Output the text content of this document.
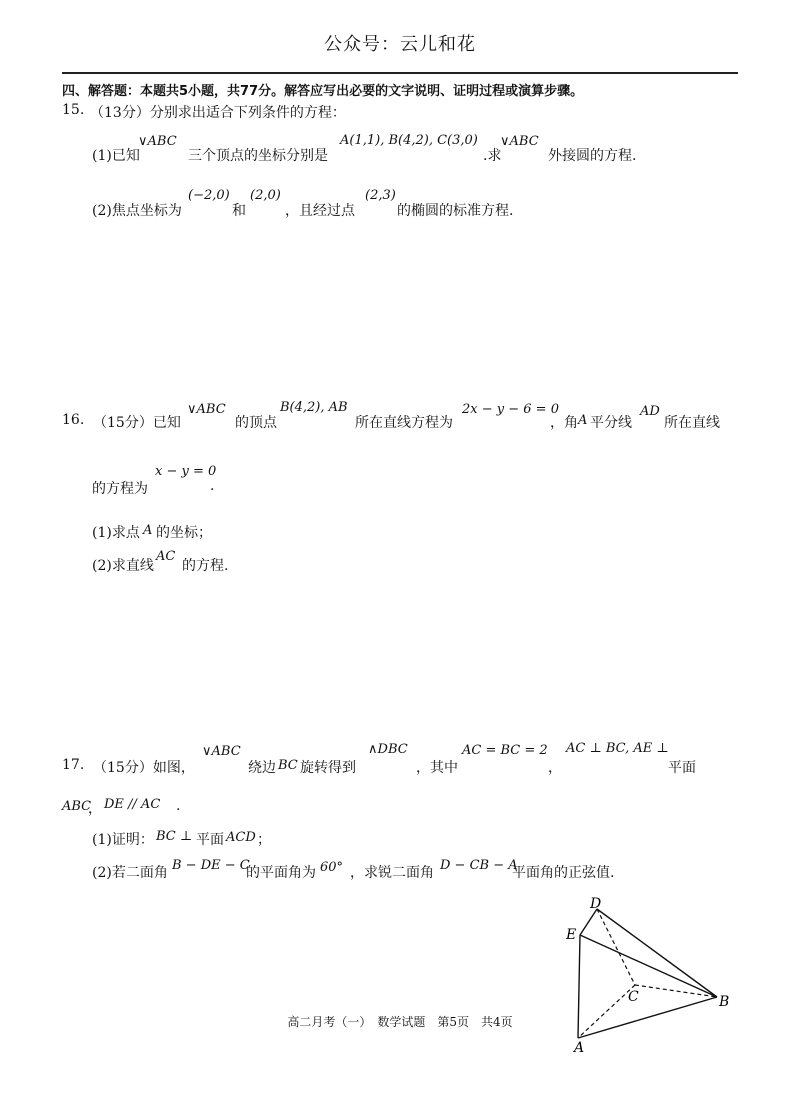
公众号：云儿和花
四、解答题：本题共5小题，共77分。解答应写出必要的文字说明、证明过程或演算步骤。
15. （13分）分别求出适合下列条件的方程：
(1)已知
∨ABC
三个顶点的坐标分别是
A(1,1), B(4,2), C(3,0)
.求
∨ABC
外接圆的方程.
(2)焦点坐标为
(−2,0)
和
(2,0)
，且经过点
(2,3)
的椭圆的标准方程.
16. （15分）已知
∨ABC
的顶点
B(4,2), AB
所在直线方程为
2x − y − 6 = 0
，角 A 平分线
AD
所在直线
的方程为
x − y = 0
.
(1)求点 A 的坐标；
(2)求直线
AC
的方程.
17. （15分）如图，
∨ABC
绕边 BC 旋转得到
∧DBC
，其中
AC = BC = 2
，
AC ⊥ BC, AE ⊥
平面
ABC
， DE // AC .
(1)证明： BC ⊥ 平面 ACD ；
(2)若二面角 B − DE − C
的平面角为 60° ，求锐二面角 D − CB − A
平面角的正弦值.
D
E
C	B
A
高二月考（一）　数学试题　第5页　共4页
